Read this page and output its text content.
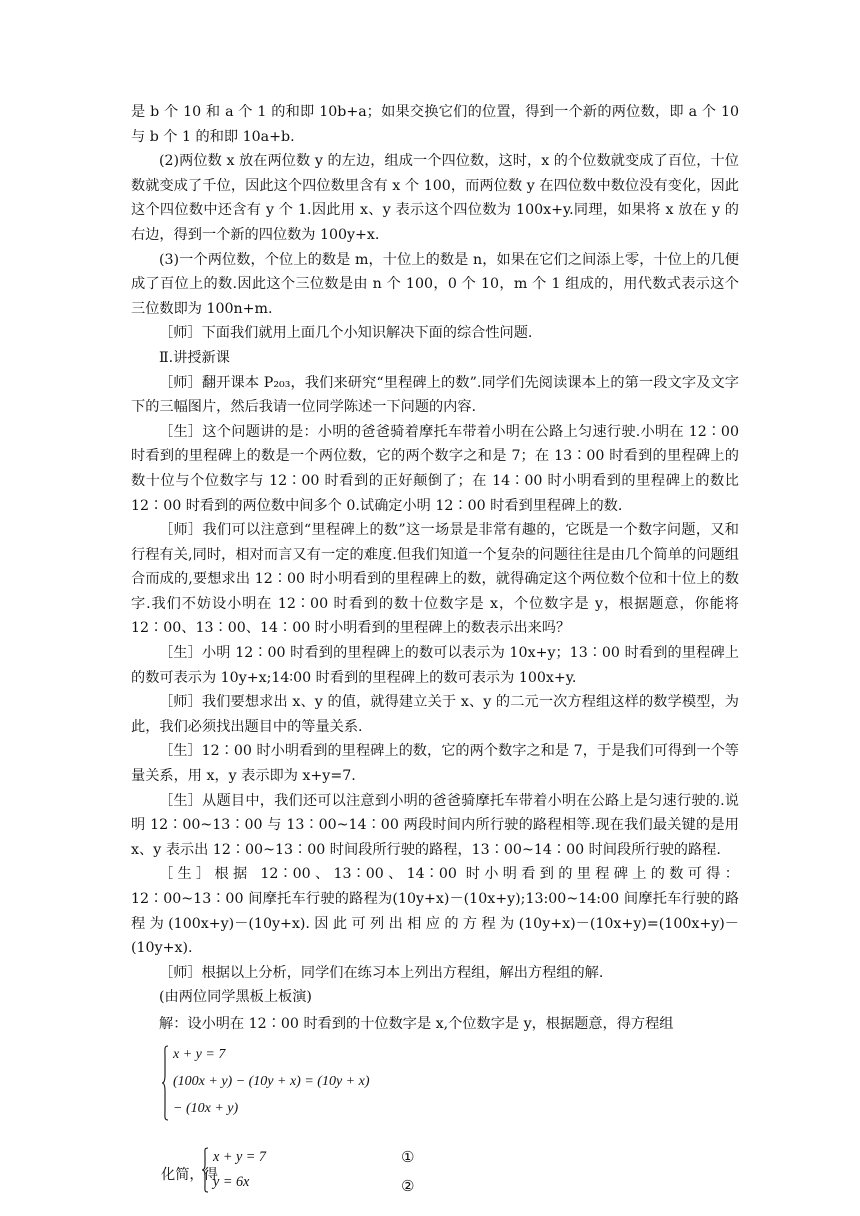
是 b 个 10 和 a 个 1 的和即 10b+a；如果交换它们的位置，得到一个新的两位数，即 a 个 10 与 b 个 1 的和即 10a+b.

(2)两位数 x 放在两位数 y 的左边，组成一个四位数，这时，x 的个位数就变成了百位，十位数就变成了千位，因此这个四位数里含有 x 个 100，而两位数 y 在四位数中数位没有变化，因此这个四位数中还含有 y 个 1.因此用 x、y 表示这个四位数为 100x+y.同理，如果将 x 放在 y 的右边，得到一个新的四位数为 100y+x.

(3)一个两位数，个位上的数是 m，十位上的数是 n，如果在它们之间添上零，十位上的几便成了百位上的数.因此这个三位数是由 n 个 100，0 个 10，m 个 1 组成的，用代数式表示这个三位数即为 100n+m.

［师］下面我们就用上面几个小知识解决下面的综合性问题.

Ⅱ.讲授新课

［师］翻开课本 P₂₀₃，我们来研究“里程碑上的数”.同学们先阅读课本上的第一段文字及文字下的三幅图片，然后我请一位同学陈述一下问题的内容.

［生］这个问题讲的是：小明的爸爸骑着摩托车带着小明在公路上匀速行驶.小明在 12∶00 时看到的里程碑上的数是一个两位数，它的两个数字之和是 7；在 13∶00 时看到的里程碑上的数十位与个位数字与 12∶00 时看到的正好颠倒了；在 14∶00 时小明看到的里程碑上的数比 12∶00 时看到的两位数中间多个 0.试确定小明 12∶00 时看到里程碑上的数.

［师］我们可以注意到“里程碑上的数”这一场景是非常有趣的，它既是一个数字问题，又和行程有关,同时，相对而言又有一定的难度.但我们知道一个复杂的问题往往是由几个简单的问题组合而成的,要想求出 12∶00 时小明看到的里程碑上的数，就得确定这个两位数个位和十位上的数字.我们不妨设小明在 12∶00 时看到的数十位数字是 x，个位数字是 y，根据题意，你能将 12∶00、13∶00、14∶00 时小明看到的里程碑上的数表示出来吗？

［生］小明 12∶00 时看到的里程碑上的数可以表示为 10x+y；13∶00 时看到的里程碑上的数可表示为 10y+x;14∶00 时看到的里程碑上的数可表示为 100x+y.

［师］我们要想求出 x、y 的值，就得建立关于 x、y 的二元一次方程组这样的数学模型，为此，我们必须找出题目中的等量关系.

［生］12∶00 时小明看到的里程碑上的数，它的两个数字之和是 7，于是我们可得到一个等量关系，用 x，y 表示即为 x+y=7.

［生］从题目中，我们还可以注意到小明的爸爸骑摩托车带着小明在公路上是匀速行驶的.说明 12∶00~13∶00 与 13∶00~14∶00 两段时间内所行驶的路程相等.现在我们最关键的是用 x、y 表示出 12∶00~13∶00 时间段所行驶的路程，13∶00~14∶00 时间段所行驶的路程.

［生］根据 12∶00、13∶00、14∶00 时小明看到的里程碑上的数可得：12∶00~13∶00 间摩托车行驶的路程为(10y+x)－(10x+y);13:00~14:00 间摩托车行驶的路程为(100x+y)－(10y+x).因此可列出相应的方程为(10y+x)－(10x+y)=(100x+y)－(10y+x).

［师］根据以上分析，同学们在练习本上列出方程组，解出方程组的解.

(由两位同学黑板上板演)

解：设小明在 12∶00 时看到的十位数字是 x,个位数字是 y，根据题意，得方程组

x + y = 7
(100x + y) − (10y + x) = (10y + x)
− (10x + y)
化简，得
x + y = 7
y = 6x
①
②
